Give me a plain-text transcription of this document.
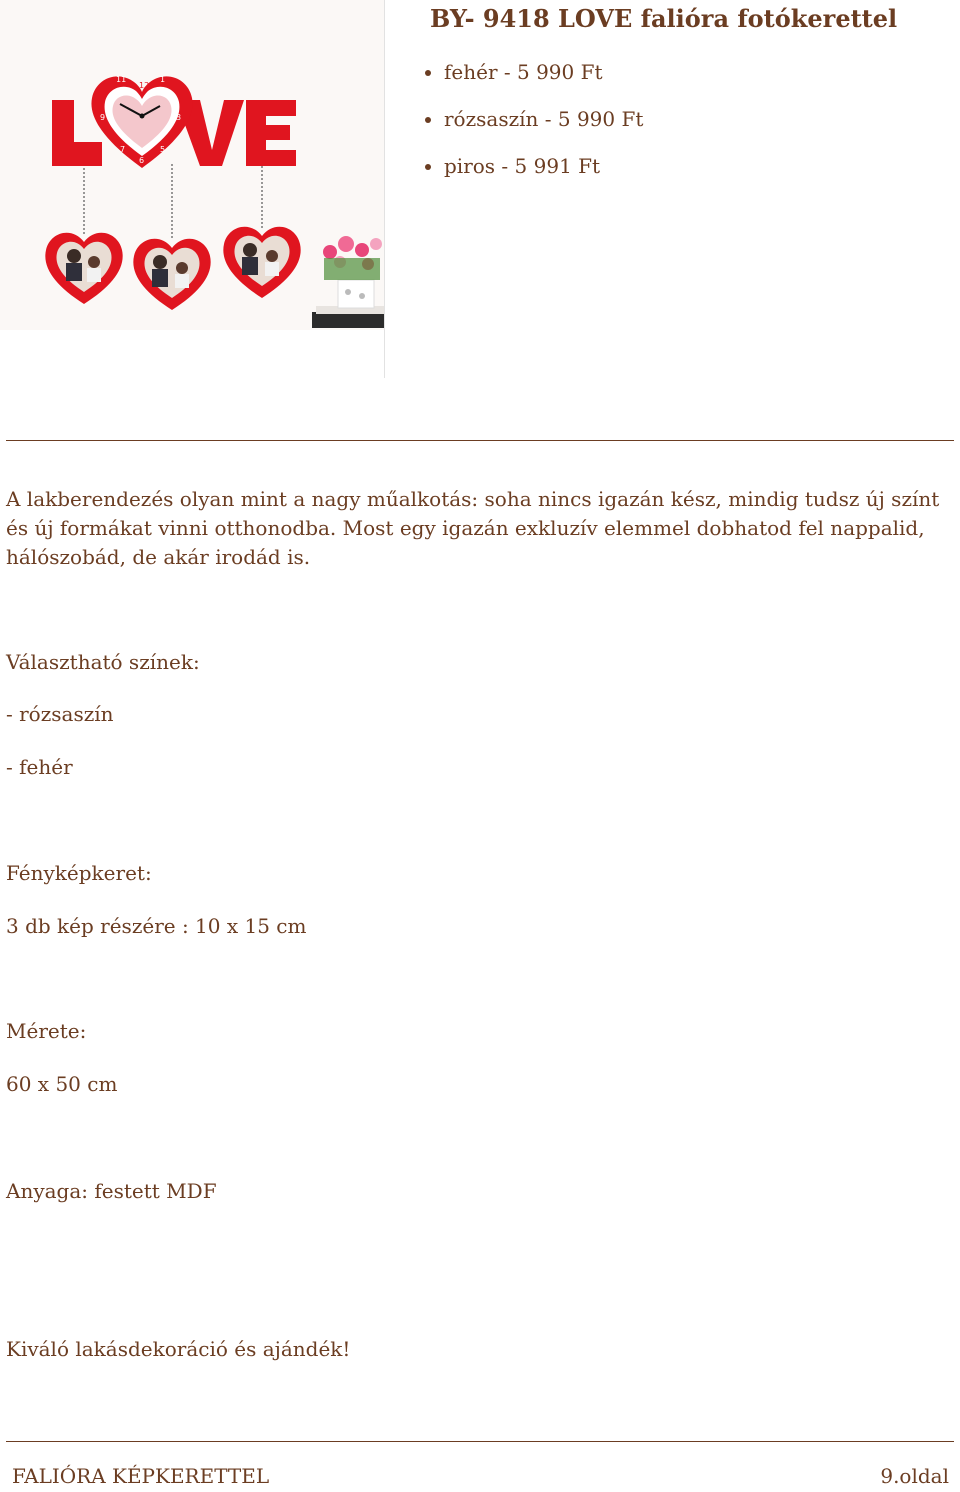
11
12
1
3
5
6
7
9
BY- 9418 LOVE falióra fotókerettel
fehér - 5 990 Ft
rózsaszín - 5 990 Ft
piros - 5 991 Ft

A lakberendezés olyan mint a nagy műalkotás: soha nincs igazán kész, mindig tudsz új színt és új formákat vinni otthonodba. Most egy igazán exkluzív elemmel dobhatod fel nappalid, hálószobád, de akár irodád is.

Választható színek:

- rózsaszín

- fehér

Fényképkeret:

3 db kép részére : 10 x 15 cm

Mérete:

60 x 50 cm

Anyaga: festett MDF

Kiváló lakásdekoráció és ajándék!

FALIÓRA KÉPKERETTEL	9.oldal
